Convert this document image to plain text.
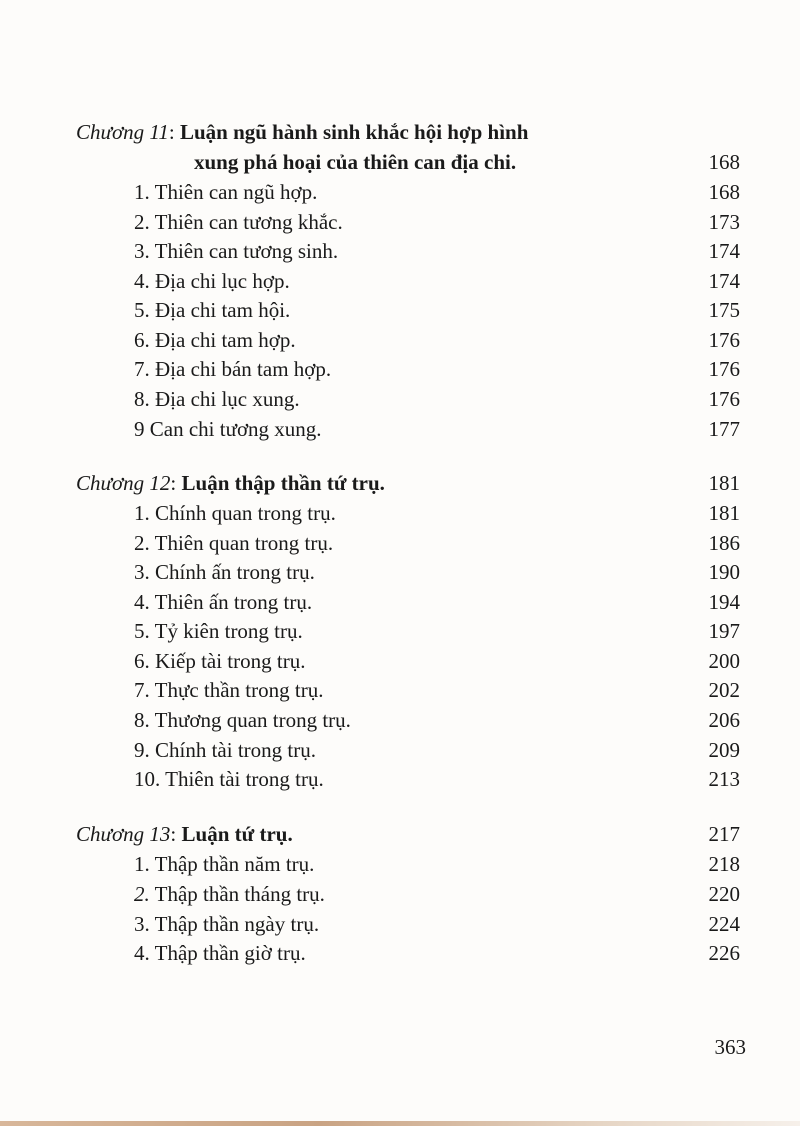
Chương 11: Luận ngũ hành sinh khắc hội hợp hình
xung phá hoại của thiên can địa chi.	168
1. Thiên can ngũ hợp.	168
2. Thiên can tương khắc.	173
3. Thiên can tương sinh.	174
4. Địa chi lục hợp.	174
5. Địa chi tam hội.	175
6. Địa chi tam hợp.	176
7. Địa chi bán tam hợp.	176
8. Địa chi lục xung.	176
9 Can chi tương xung.	177
Chương 12: Luận thập thần tứ trụ.	181
1. Chính quan trong trụ.	181
2. Thiên quan trong trụ.	186
3. Chính ấn trong trụ.	190
4. Thiên ấn trong trụ.	194
5. Tỷ kiên trong trụ.	197
6. Kiếp tài trong trụ.	200
7. Thực thần trong trụ.	202
8. Thương quan trong trụ.	206
9. Chính tài trong trụ.	209
10. Thiên tài trong trụ.	213
Chương 13: Luận tứ trụ.	217
1. Thập thần năm trụ.	218
2. Thập thần tháng trụ.	220
3. Thập thần ngày trụ.	224
4. Thập thần giờ trụ.	226
363
